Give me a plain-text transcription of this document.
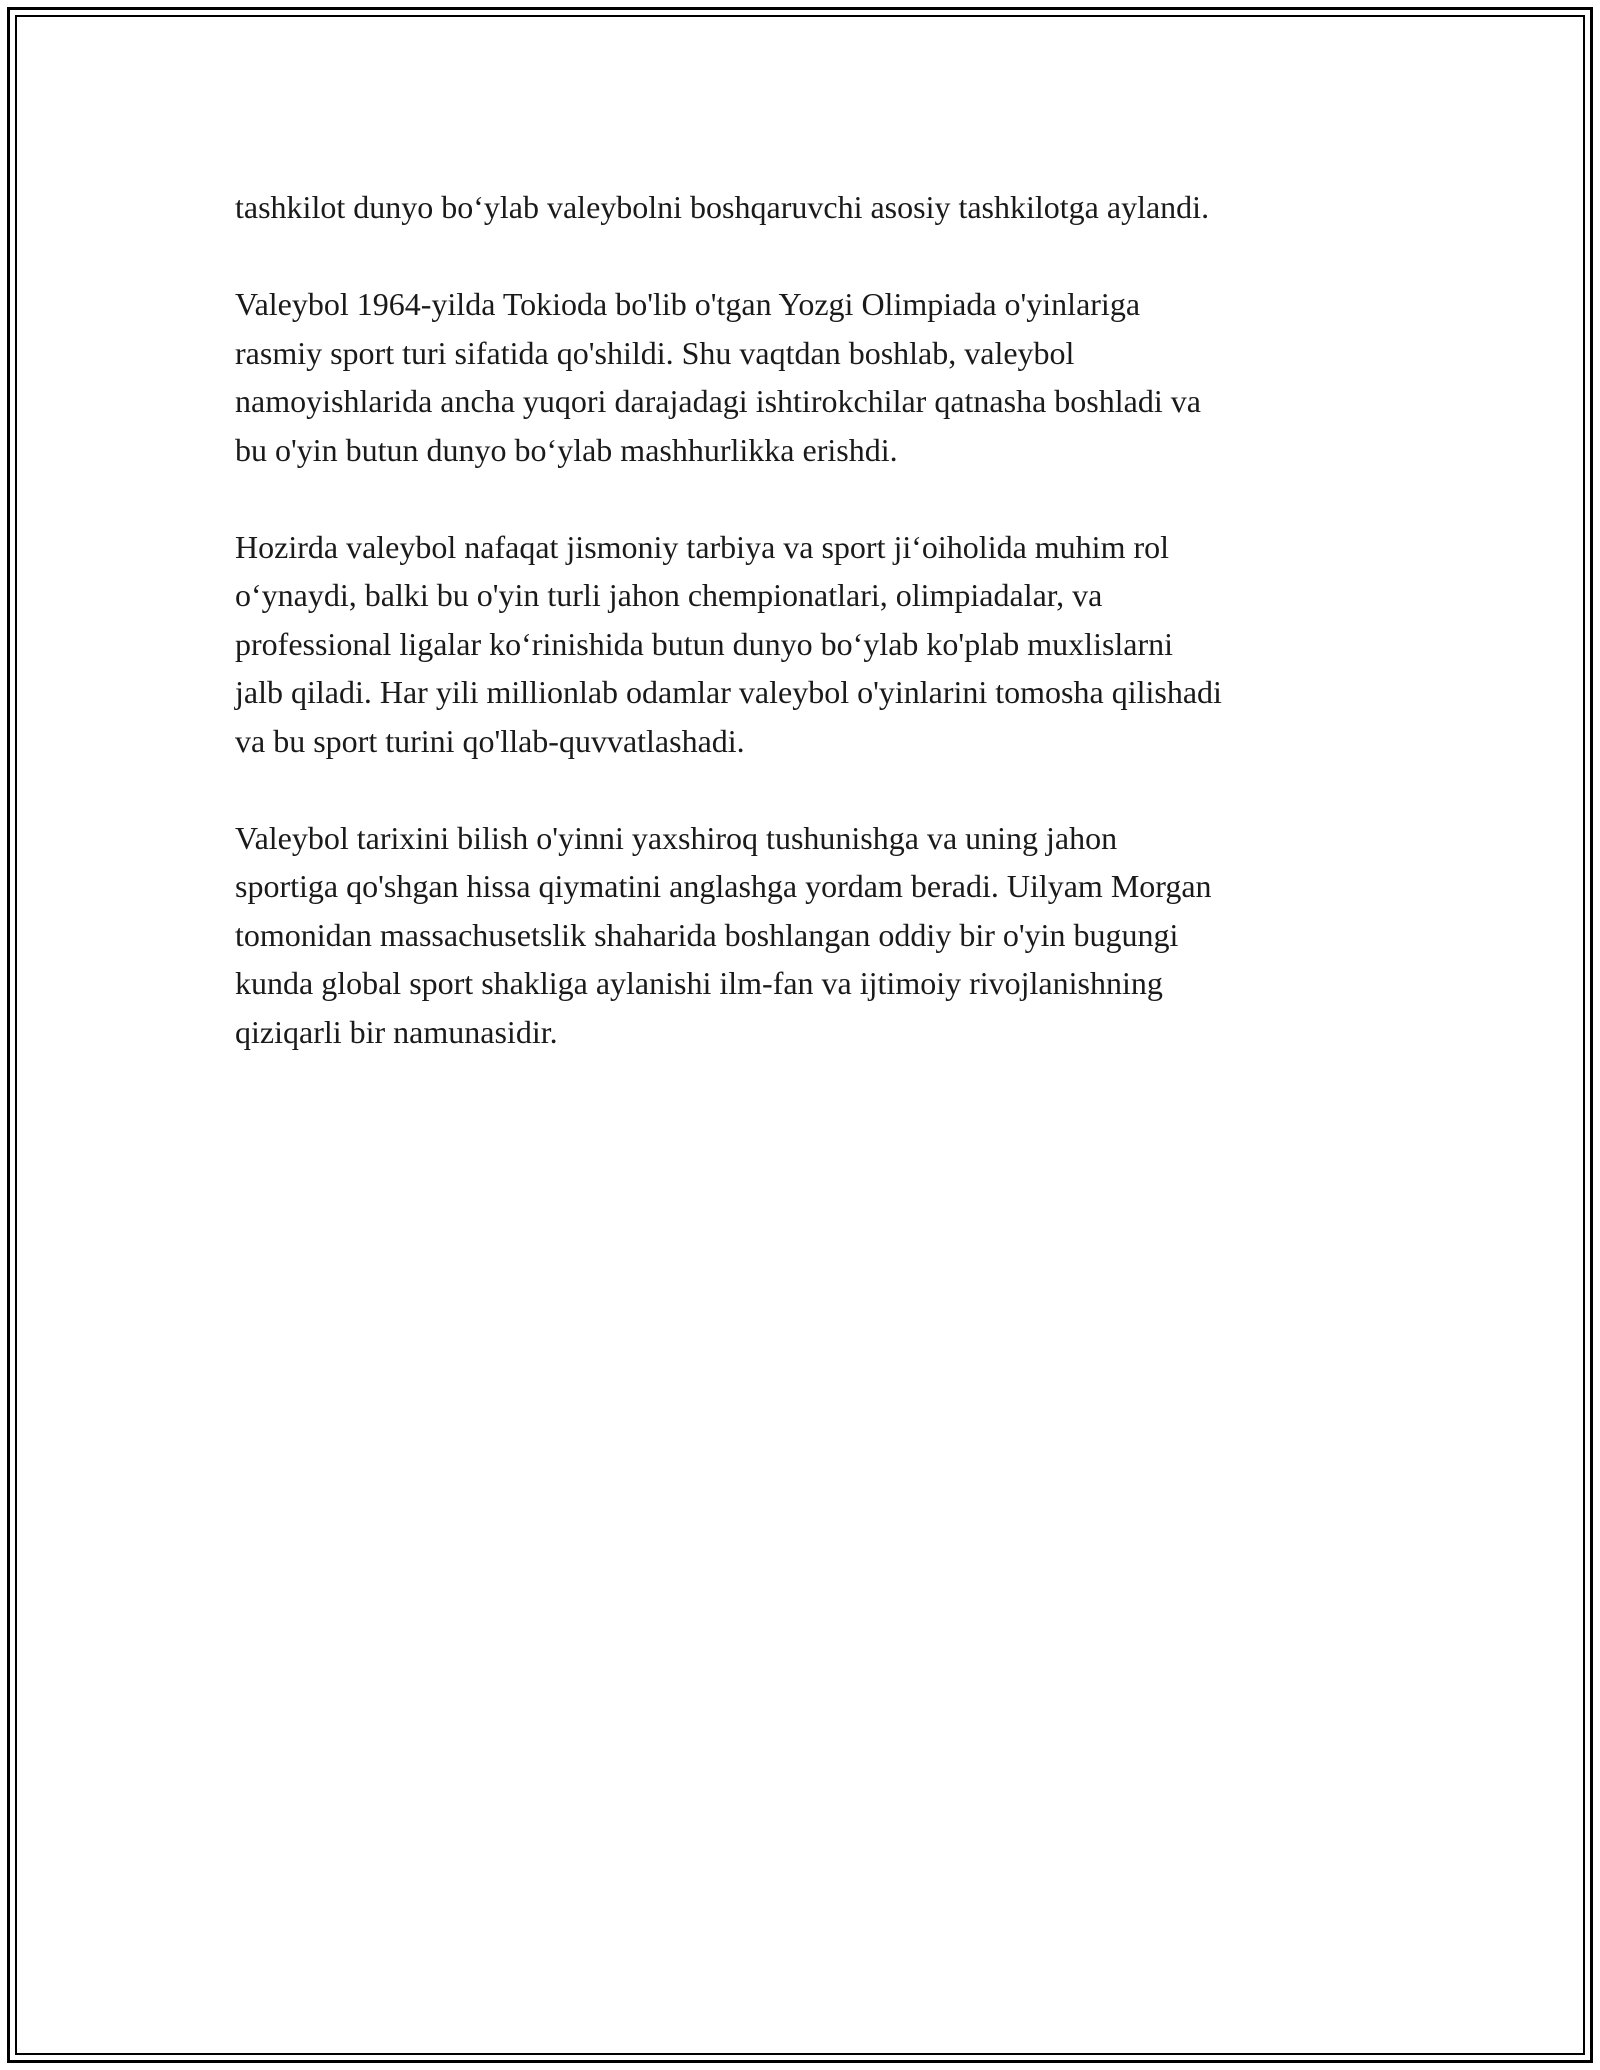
tashkilot dunyo bo‘ylab valeybolni boshqaruvchi asosiy tashkilotga aylandi.

Valeybol 1964-yilda Tokioda bo'lib o'tgan Yozgi Olimpiada o'yinlariga
rasmiy sport turi sifatida qo'shildi. Shu vaqtdan boshlab, valeybol
namoyishlarida ancha yuqori darajadagi ishtirokchilar qatnasha boshladi va
bu o'yin butun dunyo bo‘ylab mashhurlikka erishdi.

Hozirda valeybol nafaqat jismoniy tarbiya va sport ji‘oiholida muhim rol
o‘ynaydi, balki bu o'yin turli jahon chempionatlari, olimpiadalar, va
professional ligalar ko‘rinishida butun dunyo bo‘ylab ko'plab muxlislarni
jalb qiladi. Har yili millionlab odamlar valeybol o'yinlarini tomosha qilishadi
va bu sport turini qo'llab-quvvatlashadi.

Valeybol tarixini bilish o'yinni yaxshiroq tushunishga va uning jahon
sportiga qo'shgan hissa qiymatini anglashga yordam beradi. Uilyam Morgan
tomonidan massachusetslik shaharida boshlangan oddiy bir o'yin bugungi
kunda global sport shakliga aylanishi ilm-fan va ijtimoiy rivojlanishning
qiziqarli bir namunasidir.
